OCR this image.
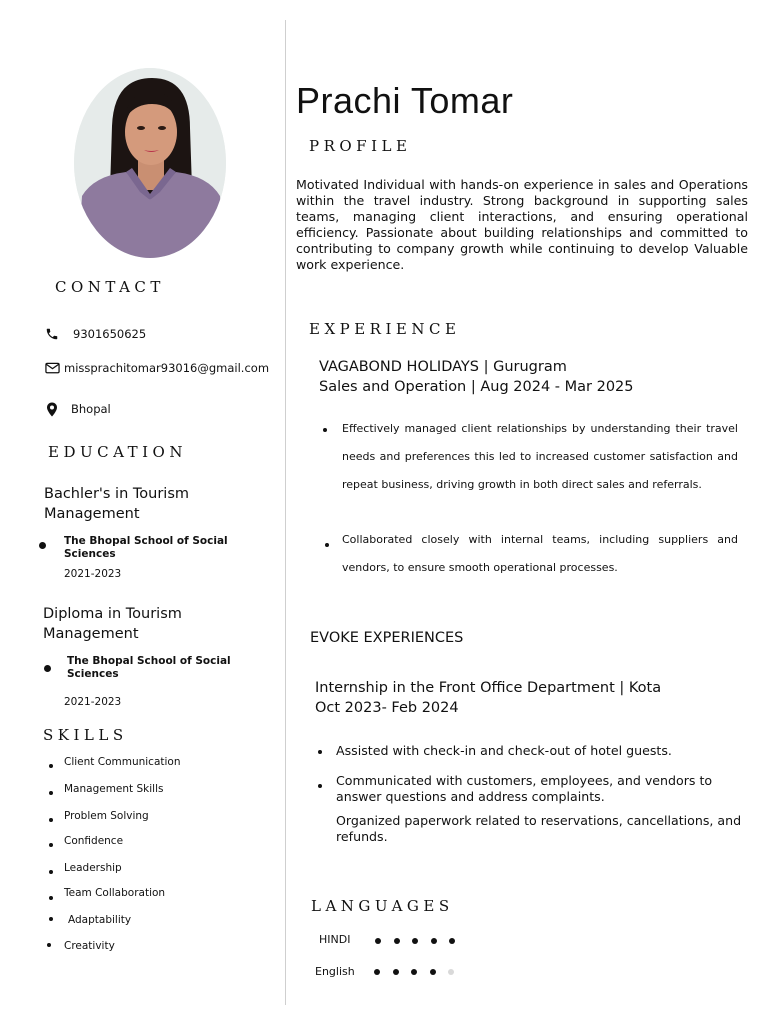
CONTACT
9301650625
missprachitomar93016@gmail.com
Bhopal
EDUCATION
Bachler's in Tourism Management
The Bhopal School of Social Sciences
2021-2023
Diploma in Tourism Management
The Bhopal School of Social Sciences
2021-2023
SKILLS
Client Communication
Management Skills
Problem Solving
Confidence
Leadership
Team Collaboration
Adaptability
Creativity
Prachi Tomar
PROFILE
Motivated Individual with hands-on experience in sales and Operations within the travel industry. Strong background in supporting sales teams, managing client interactions, and ensuring operational efficiency. Passionate about building relationships and committed to contributing to company growth while continuing to develop Valuable work experience.
EXPERIENCE
VAGABOND HOLIDAYS | Gurugram
Sales and Operation | Aug 2024 - Mar 2025
Effectively managed client relationships by understanding their travel needs and preferences this led to increased customer satisfaction and repeat business, driving growth in both direct sales and referrals.
Collaborated closely with internal teams, including suppliers and vendors, to ensure smooth operational processes.
EVOKE EXPERIENCES
Internship in the Front Office Department | Kota
Oct 2023- Feb 2024
Assisted with check-in and check-out of hotel guests.
Communicated with customers, employees, and vendors to answer questions and address complaints.
Organized paperwork related to reservations, cancellations, and refunds.
LANGUAGES
HINDI
English
